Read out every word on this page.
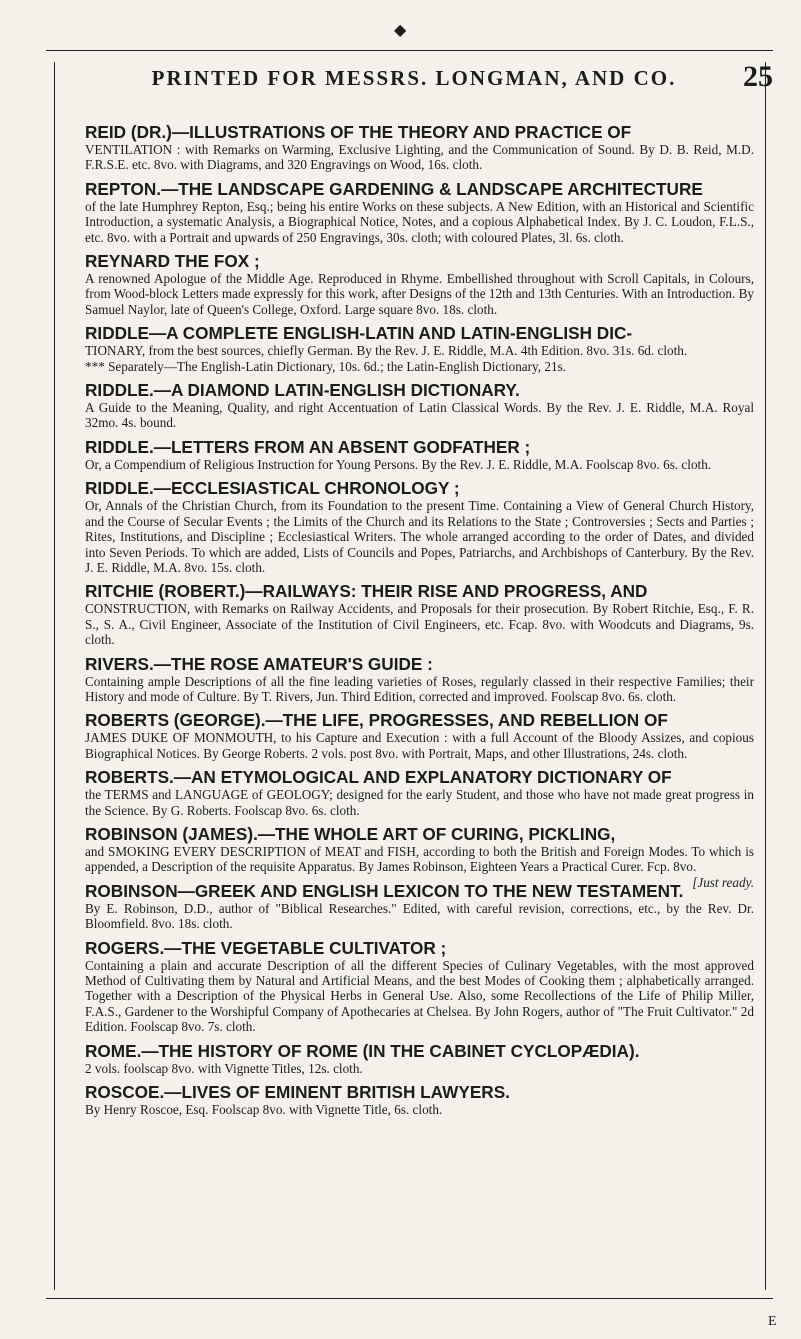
◆
PRINTED FOR MESSRS. LONGMAN, AND CO.	25
REID (DR.)—ILLUSTRATIONS OF THE THEORY AND PRACTICE OF
VENTILATION : with Remarks on Warming, Exclusive Lighting, and the Communication of Sound. By D. B. Reid, M.D. F.R.S.E. etc. 8vo. with Diagrams, and 320 Engravings on Wood, 16s. cloth.
REPTON.—THE LANDSCAPE GARDENING & LANDSCAPE ARCHITECTURE
of the late Humphrey Repton, Esq.; being his entire Works on these subjects. A New Edition, with an Historical and Scientific Introduction, a systematic Analysis, a Biographical Notice, Notes, and a copious Alphabetical Index. By J. C. Loudon, F.L.S., etc. 8vo. with a Portrait and upwards of 250 Engravings, 30s. cloth; with coloured Plates, 3l. 6s. cloth.
REYNARD THE FOX ;
A renowned Apologue of the Middle Age. Reproduced in Rhyme. Embellished throughout with Scroll Capitals, in Colours, from Wood-block Letters made expressly for this work, after Designs of the 12th and 13th Centuries. With an Introduction. By Samuel Naylor, late of Queen's College, Oxford. Large square 8vo. 18s. cloth.
RIDDLE—A COMPLETE ENGLISH-LATIN AND LATIN-ENGLISH DIC-
TIONARY, from the best sources, chiefly German. By the Rev. J. E. Riddle, M.A. 4th Edition. 8vo. 31s. 6d. cloth.
*** Separately—The English-Latin Dictionary, 10s. 6d.; the Latin-English Dictionary, 21s.
RIDDLE.—A DIAMOND LATIN-ENGLISH DICTIONARY.
A Guide to the Meaning, Quality, and right Accentuation of Latin Classical Words. By the Rev. J. E. Riddle, M.A. Royal 32mo. 4s. bound.
RIDDLE.—LETTERS FROM AN ABSENT GODFATHER ;
Or, a Compendium of Religious Instruction for Young Persons. By the Rev. J. E. Riddle, M.A. Foolscap 8vo. 6s. cloth.
RIDDLE.—ECCLESIASTICAL CHRONOLOGY ;
Or, Annals of the Christian Church, from its Foundation to the present Time. Containing a View of General Church History, and the Course of Secular Events ; the Limits of the Church and its Relations to the State ; Controversies ; Sects and Parties ; Rites, Institutions, and Discipline ; Ecclesiastical Writers. The whole arranged according to the order of Dates, and divided into Seven Periods. To which are added, Lists of Councils and Popes, Patriarchs, and Archbishops of Canterbury. By the Rev. J. E. Riddle, M.A. 8vo. 15s. cloth.
RITCHIE (ROBERT.)—RAILWAYS: THEIR RISE AND PROGRESS, AND
CONSTRUCTION, with Remarks on Railway Accidents, and Proposals for their prosecution. By Robert Ritchie, Esq., F. R. S., S. A., Civil Engineer, Associate of the Institution of Civil Engineers, etc. Fcap. 8vo. with Woodcuts and Diagrams, 9s. cloth.
RIVERS.—THE ROSE AMATEUR'S GUIDE :
Containing ample Descriptions of all the fine leading varieties of Roses, regularly classed in their respective Families; their History and mode of Culture. By T. Rivers, Jun. Third Edition, corrected and improved. Foolscap 8vo. 6s. cloth.
ROBERTS (GEORGE).—THE LIFE, PROGRESSES, AND REBELLION OF
JAMES DUKE OF MONMOUTH, to his Capture and Execution : with a full Account of the Bloody Assizes, and copious Biographical Notices. By George Roberts. 2 vols. post 8vo. with Portrait, Maps, and other Illustrations, 24s. cloth.
ROBERTS.—AN ETYMOLOGICAL AND EXPLANATORY DICTIONARY OF
the TERMS and LANGUAGE of GEOLOGY; designed for the early Student, and those who have not made great progress in the Science. By G. Roberts. Foolscap 8vo. 6s. cloth.
ROBINSON (JAMES).—THE WHOLE ART OF CURING, PICKLING,
and SMOKING EVERY DESCRIPTION of MEAT and FISH, according to both the British and Foreign Modes. To which is appended, a Description of the requisite Apparatus. By James Robinson, Eighteen Years a Practical Curer. Fcp. 8vo.
[Just ready.
ROBINSON—GREEK AND ENGLISH LEXICON TO THE NEW TESTAMENT.
By E. Robinson, D.D., author of "Biblical Researches." Edited, with careful revision, corrections, etc., by the Rev. Dr. Bloomfield. 8vo. 18s. cloth.
ROGERS.—THE VEGETABLE CULTIVATOR ;
Containing a plain and accurate Description of all the different Species of Culinary Vegetables, with the most approved Method of Cultivating them by Natural and Artificial Means, and the best Modes of Cooking them ; alphabetically arranged. Together with a Description of the Physical Herbs in General Use. Also, some Recollections of the Life of Philip Miller, F.A.S., Gardener to the Worshipful Company of Apothecaries at Chelsea. By John Rogers, author of "The Fruit Cultivator." 2d Edition. Foolscap 8vo. 7s. cloth.
ROME.—THE HISTORY OF ROME (IN THE CABINET CYCLOPÆDIA).
2 vols. foolscap 8vo. with Vignette Titles, 12s. cloth.
ROSCOE.—LIVES OF EMINENT BRITISH LAWYERS.
By Henry Roscoe, Esq. Foolscap 8vo. with Vignette Title, 6s. cloth.
E
